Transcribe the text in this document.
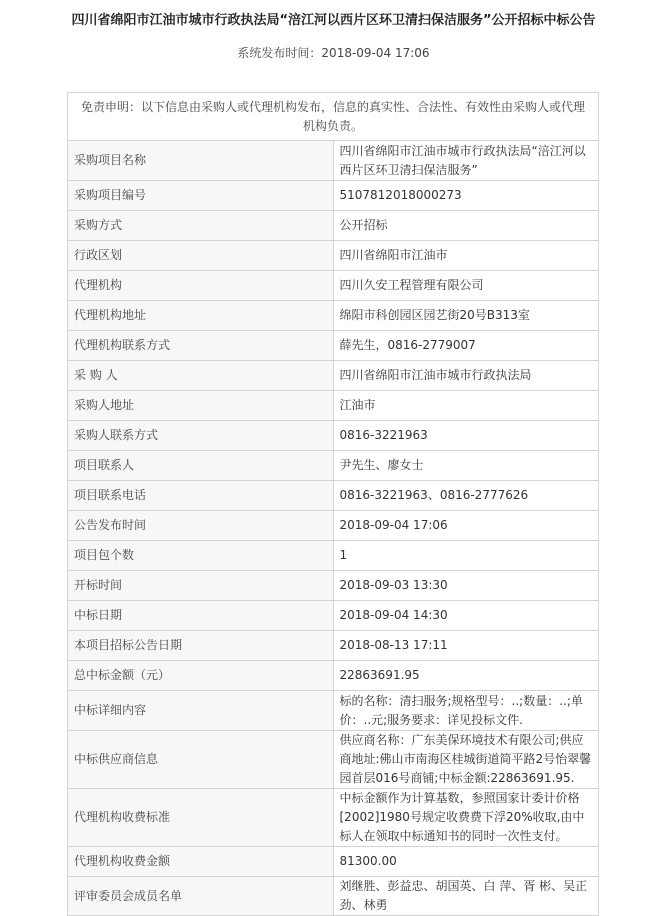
四川省绵阳市江油市城市行政执法局“涪江河以西片区环卫清扫保洁服务”公开招标中标公告
系统发布时间：2018-09-04 17:06
免责申明：以下信息由采购人或代理机构发布，信息的真实性、合法性、有效性由采购人或代理机构负责。	
采购项目名称	四川省绵阳市江油市城市行政执法局“涪江河以西片区环卫清扫保洁服务”
采购项目编号	5107812018000273
采购方式	公开招标
行政区划	四川省绵阳市江油市
代理机构	四川久安工程管理有限公司
代理机构地址	绵阳市科创园区园艺街20号B313室
代理机构联系方式	薛先生，0816-2779007
采 购 人	四川省绵阳市江油市城市行政执法局
采购人地址	江油市
采购人联系方式	0816-3221963
项目联系人	尹先生、廖女士
项目联系电话	0816-3221963、0816-2777626
公告发布时间	2018-09-04 17:06
项目包个数	1
开标时间	2018-09-03 13:30
中标日期	2018-09-04 14:30
本项目招标公告日期	2018-08-13 17:11
总中标金额（元）	22863691.95
中标详细内容	标的名称：清扫服务;规格型号：..;数量：..;单价：..元;服务要求：详见投标文件.
中标供应商信息	供应商名称：广东美保环境技术有限公司;供应商地址:佛山市南海区桂城街道简平路2号怡翠馨园首层016号商铺;中标金额:22863691.95.
代理机构收费标准	中标金额作为计算基数，参照国家计委计价格[2002]1980号规定收费费下浮20%收取,由中标人在领取中标通知书的同时一次性支付。
代理机构收费金额	81300.00
评审委员会成员名单	刘继胜、彭益忠、胡国英、白 萍、胥 彬、吴正劲、林勇
